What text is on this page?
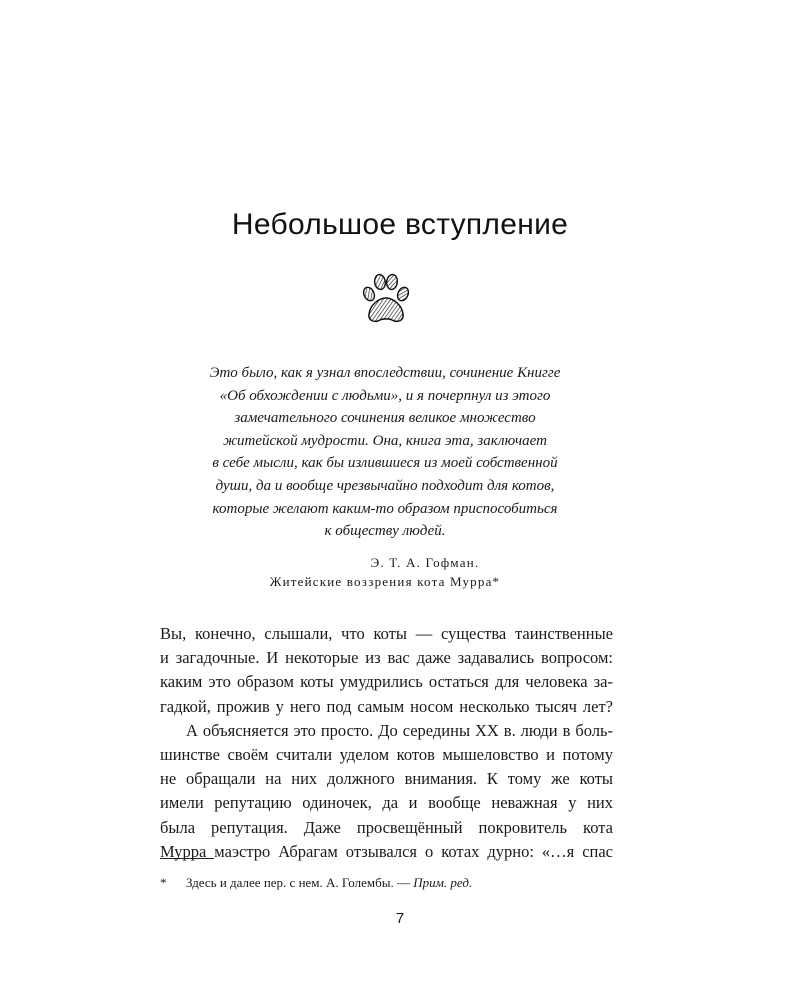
Небольшое вступление

Это было, как я узнал впоследствии, сочинение Книгге
«Об обхождении с людьми», и я почерпнул из этого
замечательного сочинения великое множество
житейской мудрости. Она, книга эта, заключает
в себе мысли, как бы излившиеся из моей собственной
души, да и вообще чрезвычайно подходит для котов,
которые желают каким-то образом приспособиться
к обществу людей.

Э. Т. А. Гофман.
Житейские воззрения кота Мурра*
Вы, конечно, слышали, что коты — существа таинственные
и загадочные. И некоторые из вас даже задавались вопросом:
каким это образом коты умудрились остаться для человека за-
гадкой, прожив у него под самым носом несколько тысяч лет?
А объясняется это просто. До середины XX в. люди в боль-
шинстве своём считали уделом котов мышеловство и потому
не обращали на них должного внимания. К тому же коты
имели репутацию одиночек, да и вообще неважная у них
была репутация. Даже просвещённый покровитель кота
Мурра маэстро Абрагам отзывался о котах дурно: «…я спас
* Здесь и далее пер. с нем. А. Голембы. — Прим. ред.
7
